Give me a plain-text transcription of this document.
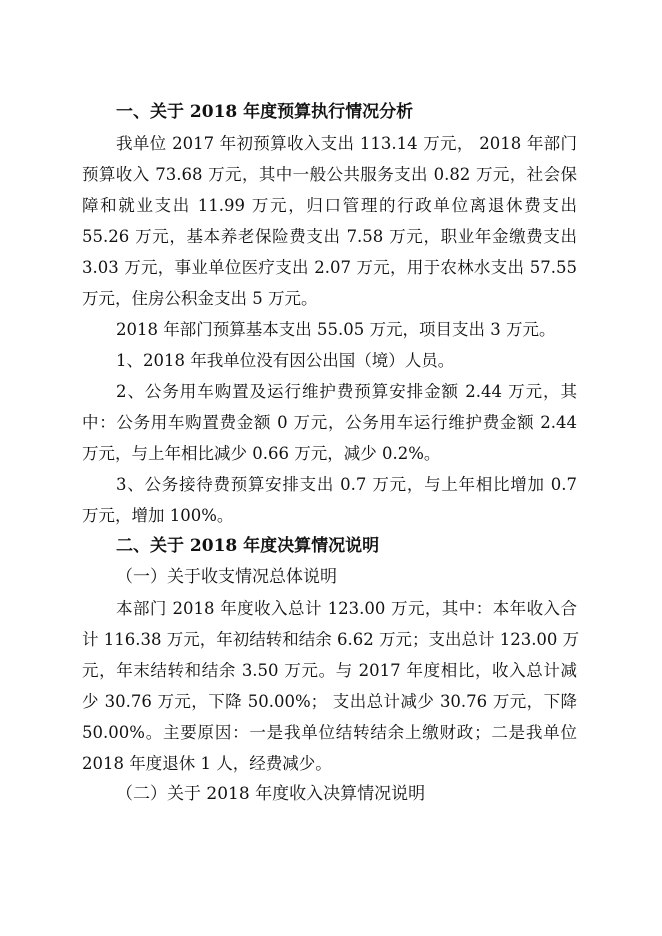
一、关于 2018 年度预算执行情况分析

我单位 2017 年初预算收入支出 113.14 万元， 2018 年部门
预算收入 73.68 万元，其中一般公共服务支出 0.82 万元，社会保
障和就业支出 11.99 万元，归口管理的行政单位离退休费支出
55.26 万元，基本养老保险费支出 7.58 万元，职业年金缴费支出
3.03 万元，事业单位医疗支出 2.07 万元，用于农林水支出 57.55
万元，住房公积金支出 5 万元。
2018 年部门预算基本支出 55.05 万元，项目支出 3 万元。
1、2018 年我单位没有因公出国（境）人员。
2、公务用车购置及运行维护费预算安排金额 2.44 万元，其
中：公务用车购置费金额 0 万元，公务用车运行维护费金额 2.44
万元，与上年相比减少 0.66 万元，减少 0.2%。
3、公务接待费预算安排支出 0.7 万元，与上年相比增加 0.7
万元，增加 100%。

二、关于 2018 年度决算情况说明

（一）关于收支情况总体说明

本部门 2018 年度收入总计 123.00 万元，其中：本年收入合
计 116.38 万元，年初结转和结余 6.62 万元；支出总计 123.00 万
元，年末结转和结余 3.50 万元。与 2017 年度相比，收入总计减
少 30.76 万元，下降 50.00%； 支出总计减少 30.76 万元，下降
50.00%。主要原因：一是我单位结转结余上缴财政；二是我单位
2018 年度退休 1 人，经费减少。

（二）关于 2018 年度收入决算情况说明
